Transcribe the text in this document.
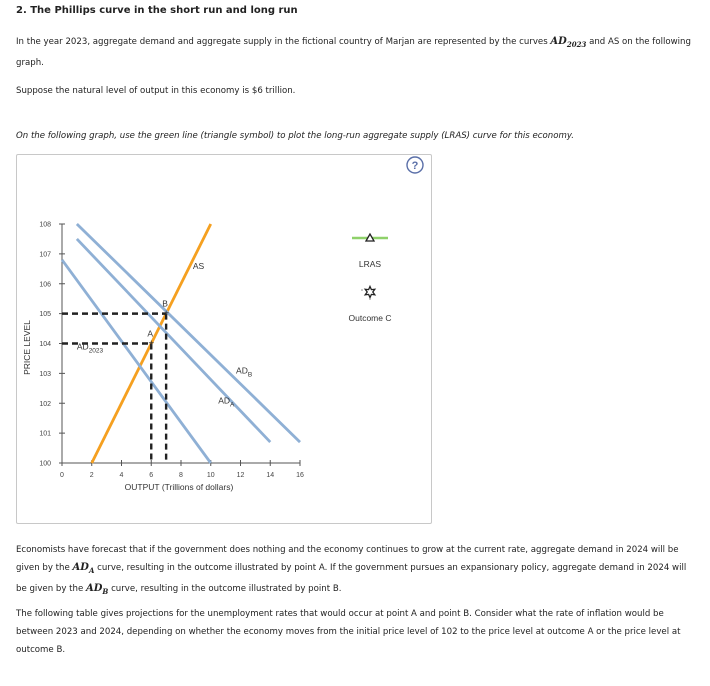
2. The Phillips curve in the short run and long run
In the year 2023, aggregate demand and aggregate supply in the fictional country of Marjan are represented by the curves $AD_{2023}$ and AS on the following graph.
Suppose the natural level of output in this economy is $6 trillion.
On the following graph, use the green line (triangle symbol) to plot the long-run aggregate supply (LRAS) curve for this economy.
?
0	2	4	6	8	10	12	14	16
100
101
102
103
104
105
106
107
108
OUTPUT (Trillions of dollars)
PRICE LEVEL	+
A
+
B
AS
$AD_{2023}$
$AD_A$
$AD_B$
LRAS
Outcome C
Economists have forecast that if the government does nothing and the economy continues to grow at the current rate, aggregate demand in 2024 will be given by the $AD_A$ curve, resulting in the outcome illustrated by point A. If the government pursues an expansionary policy, aggregate demand in 2024 will be given by the $AD_B$ curve, resulting in the outcome illustrated by point B.
The following table gives projections for the unemployment rates that would occur at point A and point B. Consider what the rate of inflation would be between 2023 and 2024, depending on whether the economy moves from the initial price level of 102 to the price level at outcome A or the price level at outcome B.
